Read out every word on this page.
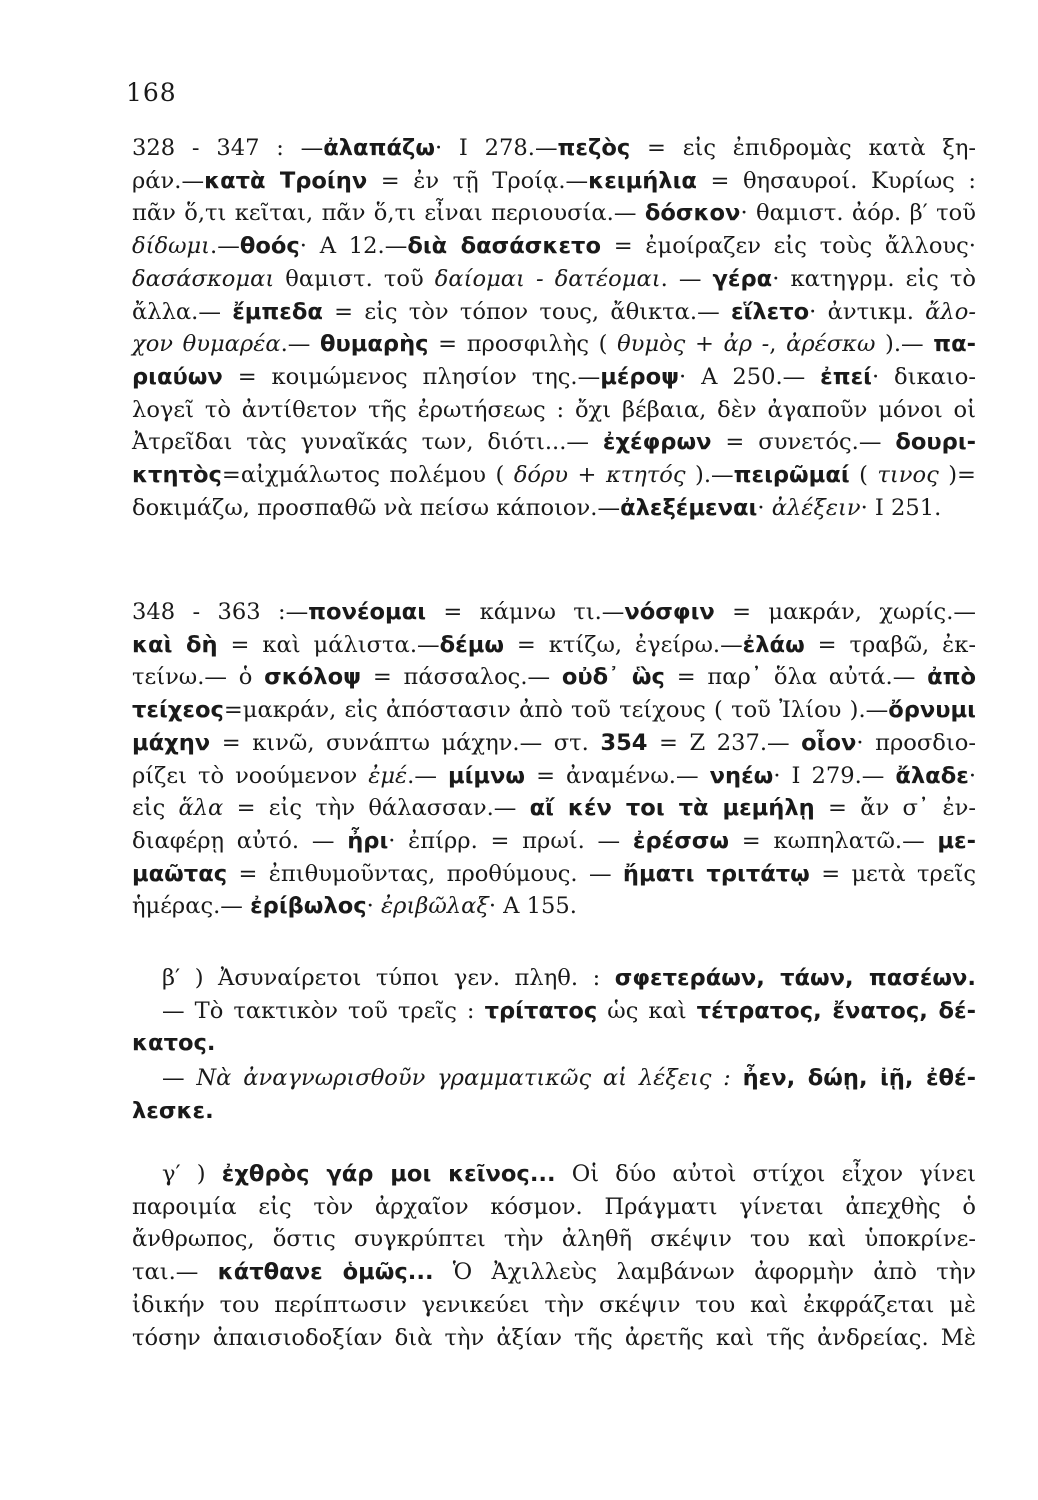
168

328 - 347 : —ἀλαπάζω· Ι 278.—πεζὸς = εἰς ἐπιδρομὰς κατὰ ξη-

ράν.—κατὰ Τροίην = ἐν τῇ Τροίᾳ.—κειμήλια = θησαυροί. Κυρίως :

πᾶν ὅ,τι κεῖται, πᾶν ὅ,τι εἶναι περιουσία.— δόσκον· θαμιστ. ἀόρ. β′ τοῦ

δίδωμι.—θοός· Α 12.—διὰ δασάσκετο = ἐμοίραζεν εἰς τοὺς ἄλλους·

δασάσκομαι θαμιστ. τοῦ δαίομαι - δατέομαι. — γέρα· κατηγρμ. εἰς τὸ

ἄλλα.— ἔμπεδα = εἰς τὸν τόπον τους, ἄθικτα.— εἵλετο· ἀντικμ. ἄλο-

χον θυμαρέα.— θυμαρὴς = προσφιλὴς ( θυμὸς + ἀρ -, ἀρέσκω ).— πα-

ριαύων = κοιμώμενος πλησίον της.—μέροψ· Α 250.— ἐπεί· δικαιο-

λογεῖ τὸ ἀντίθετον τῆς ἐρωτήσεως : ὄχι βέβαια, δὲν ἀγαποῦν μόνοι οἱ

Ἀτρεῖδαι τὰς γυναῖκάς των, διότι...— ἐχέφρων = συνετός.— δουρι-

κτητὸς=αἰχμάλωτος πολέμου ( δόρυ + κτητός ).—πειρῶμαί ( τινος )=

δοκιμάζω, προσπαθῶ νὰ πείσω κάποιον.—ἀλεξέμεναι· ἀλέξειν· Ι 251.

348 - 363 :—πονέομαι = κάμνω τι.—νόσφιν = μακράν, χωρίς.—

καὶ δὴ = καὶ μάλιστα.—δέμω = κτίζω, ἐγείρω.—ἐλάω = τραβῶ, ἐκ-

τείνω.— ὁ σκόλοψ = πάσσαλος.— οὐδ᾽ ὣς = παρ᾽ ὅλα αὐτά.— ἀπὸ

τείχεος=μακράν, εἰς ἀπόστασιν ἀπὸ τοῦ τείχους ( τοῦ Ἰλίου ).—ὄρνυμι

μάχην = κινῶ, συνάπτω μάχην.— στ. 354 = Ζ 237.— οἷον· προσδιο-

ρίζει τὸ νοούμενον ἐμέ.— μίμνω = ἀναμένω.— νηέω· Ι 279.— ἄλαδε·

εἰς ἅλα = εἰς τὴν θάλασσαν.— αἴ κέν τοι τὰ μεμήλῃ = ἄν σ᾽ ἐν-

διαφέρῃ αὐτό. — ἦρι· ἐπίρρ. = πρωί. — ἐρέσσω = κωπηλατῶ.— με-

μαῶτας = ἐπιθυμοῦντας, προθύμους. — ἤματι τριτάτῳ = μετὰ τρεῖς

ἡμέρας.— ἐρίβωλος· ἐριβῶλαξ· Α 155.

β′ ) Ἀσυναίρετοι τύποι γεν. πληθ. : σφετεράων, τάων, πασέων.

— Τὸ τακτικὸν τοῦ τρεῖς : τρίτατος ὡς καὶ τέτρατος, ἔνατος, δέ-

κατος.

— Νὰ ἀναγνωρισθοῦν γραμματικῶς αἱ λέξεις : ἦεν, δώῃ, ἰῇ, ἐθέ-

λεσκε.

γ′ ) ἐχθρὸς γάρ μοι κεῖνος... Οἱ δύο αὐτοὶ στίχοι εἶχον γίνει

παροιμία εἰς τὸν ἀρχαῖον κόσμον. Πράγματι γίνεται ἀπεχθὴς ὁ

ἄνθρωπος, ὅστις συγκρύπτει τὴν ἀληθῆ σκέψιν του καὶ ὑποκρίνε-

ται.— κάτθανε ὁμῶς... Ὁ Ἀχιλλεὺς λαμβάνων ἀφορμὴν ἀπὸ τὴν

ἰδικήν του περίπτωσιν γενικεύει τὴν σκέψιν του καὶ ἐκφράζεται μὲ

τόσην ἀπαισιοδοξίαν διὰ τὴν ἀξίαν τῆς ἀρετῆς καὶ τῆς ἀνδρείας. Μὲ
